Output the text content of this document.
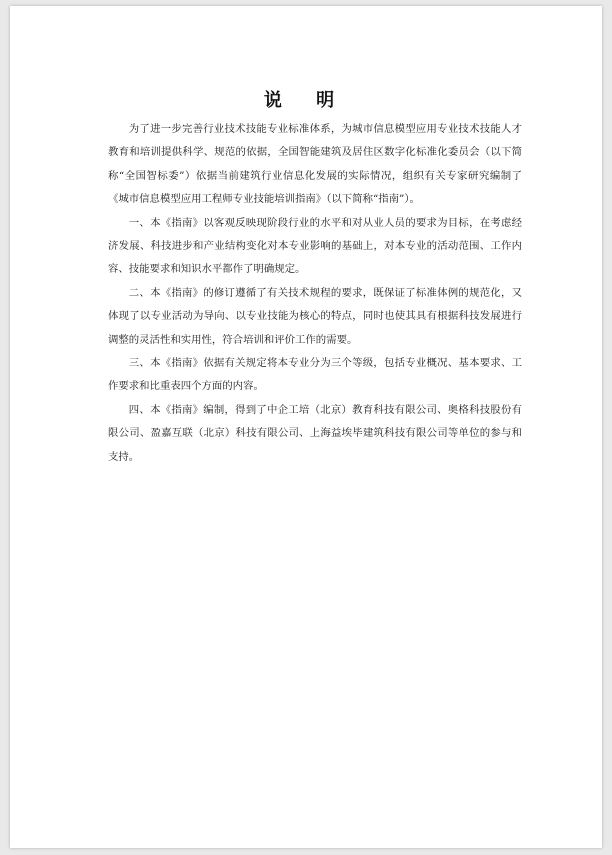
说 明

为了进一步完善行业技术技能专业标准体系，为城市信息模型应用专业技术技能人才教育和培训提供科学、规范的依据，全国智能建筑及居住区数字化标准化委员会（以下简称“全国智标委”）依据当前建筑行业信息化发展的实际情况，组织有关专家研究编制了《城市信息模型应用工程师专业技能培训指南》（以下简称“指南”）。

一、本《指南》以客观反映现阶段行业的水平和对从业人员的要求为目标，在考虑经济发展、科技进步和产业结构变化对本专业影响的基础上，对本专业的活动范围、工作内容、技能要求和知识水平都作了明确规定。

二、本《指南》的修订遵循了有关技术规程的要求，既保证了标准体例的规范化，又体现了以专业活动为导向、以专业技能为核心的特点，同时也使其具有根据科技发展进行调整的灵活性和实用性，符合培训和评价工作的需要。

三、本《指南》依据有关规定将本专业分为三个等级，包括专业概况、基本要求、工作要求和比重表四个方面的内容。

四、本《指南》编制，得到了中企工培（北京）教育科技有限公司、奥格科技股份有限公司、盈嘉互联（北京）科技有限公司、上海益埃毕建筑科技有限公司等单位的参与和支持。
